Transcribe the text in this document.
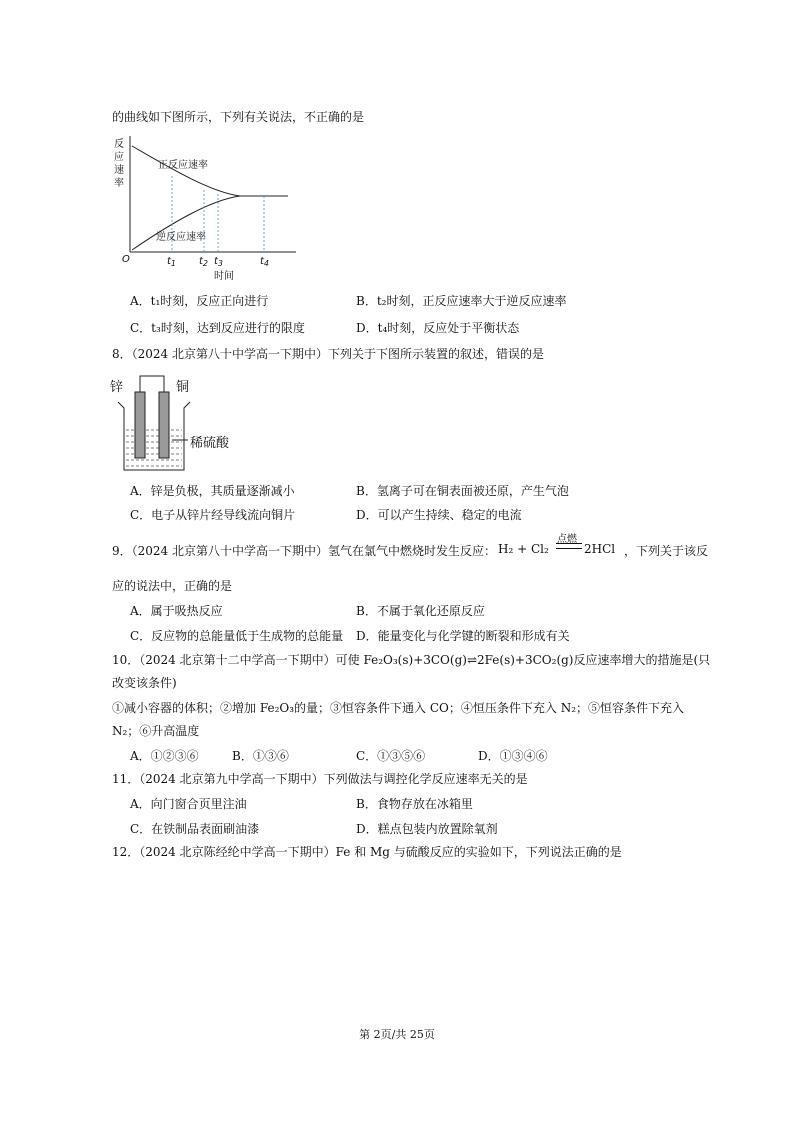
的曲线如下图所示，下列有关说法，不正确的是
反
应
速
率
正反应速率
逆反应速率
O	$t_1$ $t_2$ $t_3$	$t_4$
时间
A．t₁时刻，反应正向进行	B．t₂时刻，正反应速率大于逆反应速率
C．t₃时刻，达到反应进行的限度	D．t₄时刻，反应处于平衡状态
8．（2024 北京第八十中学高一下期中）下列关于下图所示装置的叙述，错误的是
锌	铜
稀硫酸
A．锌是负极，其质量逐渐减小	B．氢离子可在铜表面被还原，产生气泡
C．电子从锌片经导线流向铜片	D．可以产生持续、稳定的电流
9．（2024 北京第八十中学高一下期中）氢气在氯气中燃烧时发生反应： H₂ + Cl₂
点燃
2HCl ，下列关于该反
应的说法中，正确的是
A．属于吸热反应	B．不属于氧化还原反应
C．反应物的总能量低于生成物的总能量 D．能量变化与化学键的断裂和形成有关
10．（2024 北京第十二中学高一下期中）可使 Fe₂O₃(s)+3CO(g)⇌2Fe(s)+3CO₂(g)反应速率增大的措施是(只
改变该条件)
①减小容器的体积；②增加 Fe₂O₃的量；③恒容条件下通入 CO；④恒压条件下充入 N₂；⑤恒容条件下充入
N₂；⑥升高温度
A．①②③⑥	B．①③⑥	C．①③⑤⑥	D．①③④⑥
11．（2024 北京第九中学高一下期中）下列做法与调控化学反应速率无关的是
A．向门窗合页里注油	B．食物存放在冰箱里
C．在铁制品表面刷油漆	D．糕点包装内放置除氧剂
12．（2024 北京陈经纶中学高一下期中）Fe 和 Mg 与硫酸反应的实验如下，下列说法正确的是
第 2页/共 25页
